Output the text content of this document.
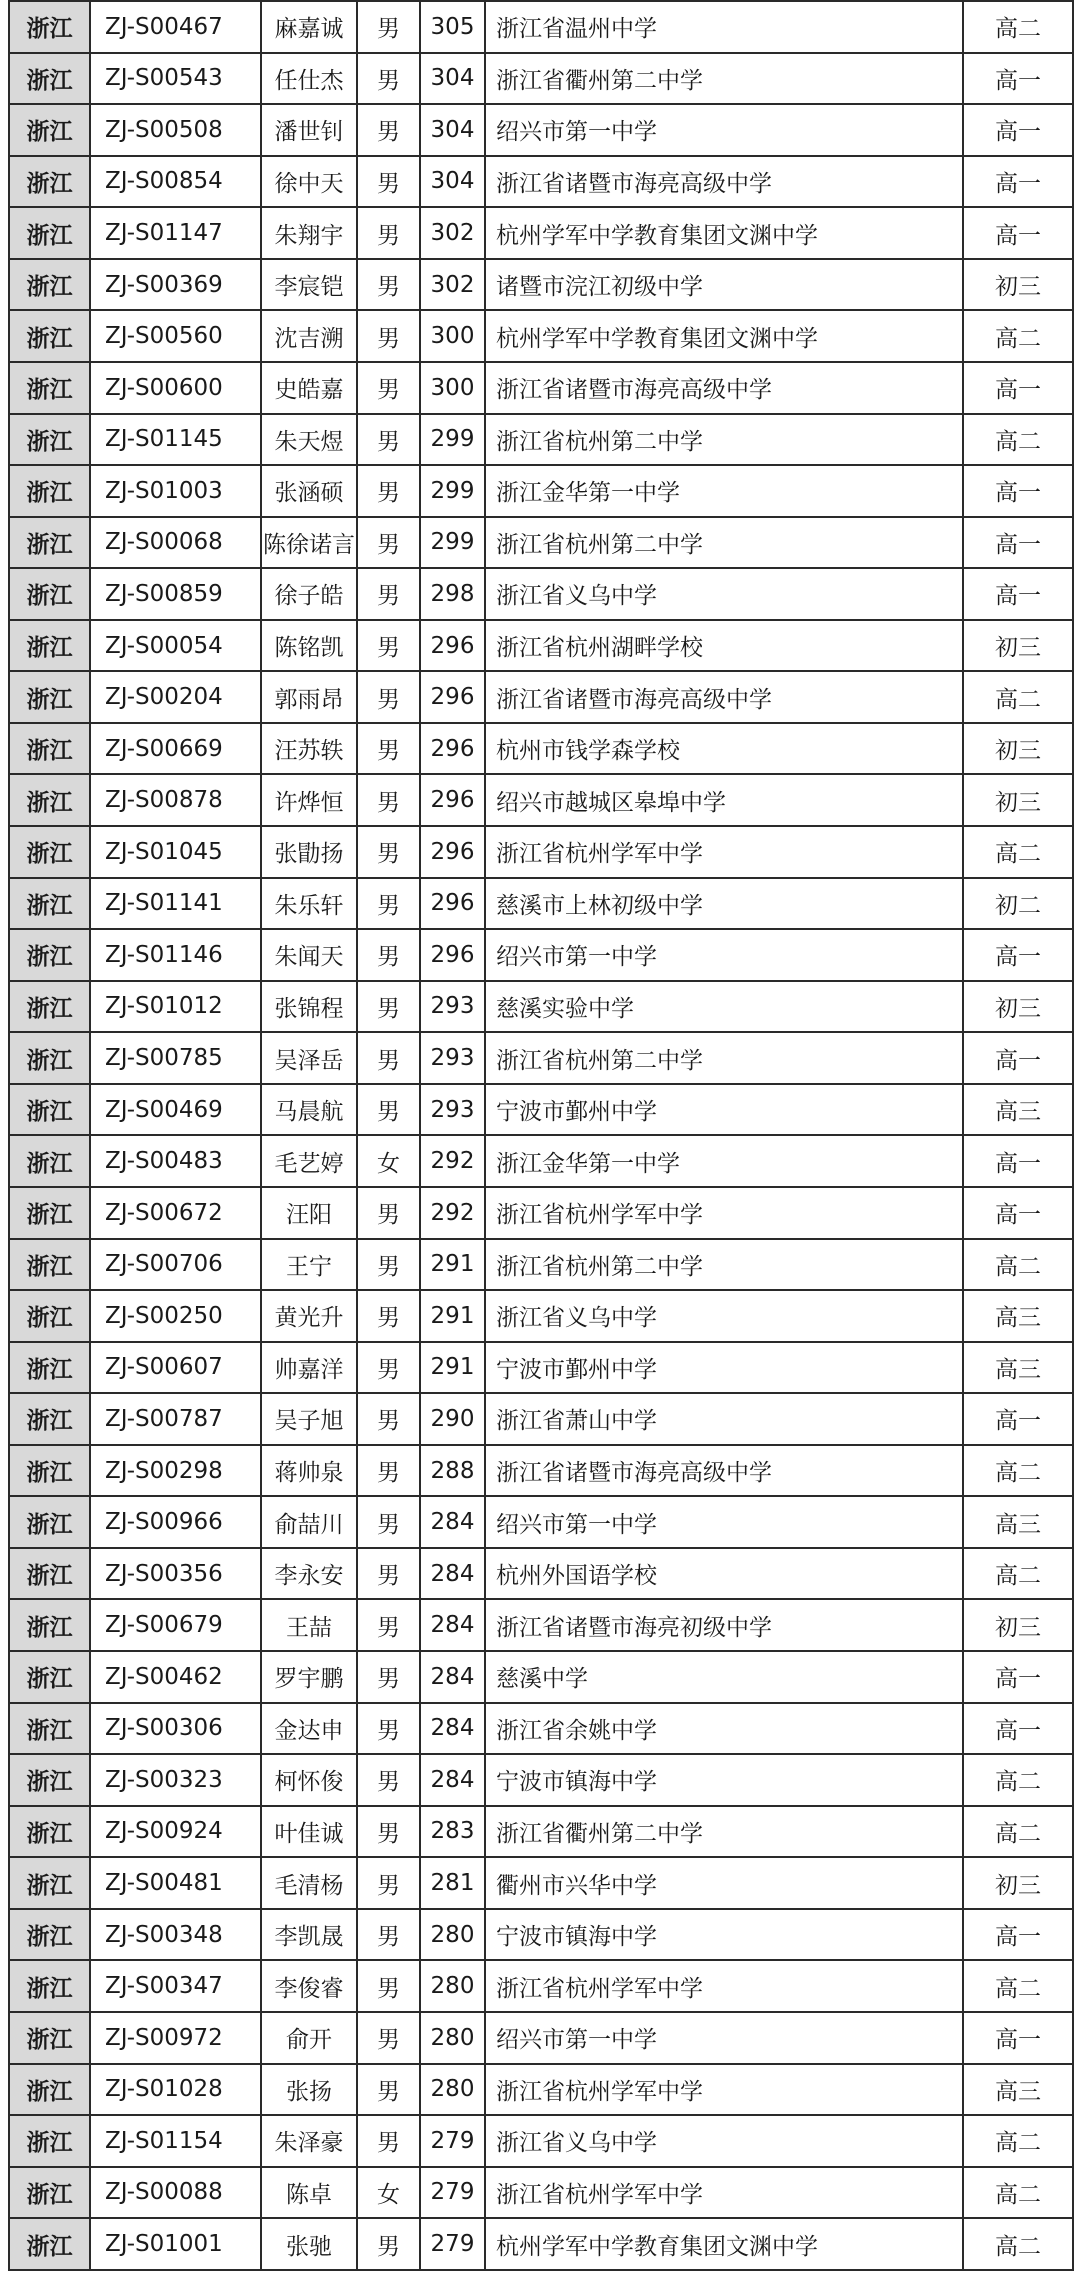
浙江	ZJ-S00467	麻嘉诚	男	305	浙江省温州中学	高二
浙江	ZJ-S00543	任仕杰	男	304	浙江省衢州第二中学	高一
浙江	ZJ-S00508	潘世钊	男	304	绍兴市第一中学	高一
浙江	ZJ-S00854	徐中天	男	304	浙江省诸暨市海亮高级中学	高一
浙江	ZJ-S01147	朱翔宇	男	302	杭州学军中学教育集团文渊中学	高一
浙江	ZJ-S00369	李宸铠	男	302	诸暨市浣江初级中学	初三
浙江	ZJ-S00560	沈吉溯	男	300	杭州学军中学教育集团文渊中学	高二
浙江	ZJ-S00600	史皓嘉	男	300	浙江省诸暨市海亮高级中学	高一
浙江	ZJ-S01145	朱天煜	男	299	浙江省杭州第二中学	高二
浙江	ZJ-S01003	张涵硕	男	299	浙江金华第一中学	高一
浙江	ZJ-S00068	陈徐诺言	男	299	浙江省杭州第二中学	高一
浙江	ZJ-S00859	徐子皓	男	298	浙江省义乌中学	高一
浙江	ZJ-S00054	陈铭凯	男	296	浙江省杭州湖畔学校	初三
浙江	ZJ-S00204	郭雨昂	男	296	浙江省诸暨市海亮高级中学	高二
浙江	ZJ-S00669	汪苏轶	男	296	杭州市钱学森学校	初三
浙江	ZJ-S00878	许烨恒	男	296	绍兴市越城区皋埠中学	初三
浙江	ZJ-S01045	张勖扬	男	296	浙江省杭州学军中学	高二
浙江	ZJ-S01141	朱乐轩	男	296	慈溪市上林初级中学	初二
浙江	ZJ-S01146	朱闻天	男	296	绍兴市第一中学	高一
浙江	ZJ-S01012	张锦程	男	293	慈溪实验中学	初三
浙江	ZJ-S00785	吴泽岳	男	293	浙江省杭州第二中学	高一
浙江	ZJ-S00469	马晨航	男	293	宁波市鄞州中学	高三
浙江	ZJ-S00483	毛艺婷	女	292	浙江金华第一中学	高一
浙江	ZJ-S00672	汪阳	男	292	浙江省杭州学军中学	高一
浙江	ZJ-S00706	王宁	男	291	浙江省杭州第二中学	高二
浙江	ZJ-S00250	黄光升	男	291	浙江省义乌中学	高三
浙江	ZJ-S00607	帅嘉洋	男	291	宁波市鄞州中学	高三
浙江	ZJ-S00787	吴子旭	男	290	浙江省萧山中学	高一
浙江	ZJ-S00298	蒋帅泉	男	288	浙江省诸暨市海亮高级中学	高二
浙江	ZJ-S00966	俞喆川	男	284	绍兴市第一中学	高三
浙江	ZJ-S00356	李永安	男	284	杭州外国语学校	高二
浙江	ZJ-S00679	王喆	男	284	浙江省诸暨市海亮初级中学	初三
浙江	ZJ-S00462	罗宇鹏	男	284	慈溪中学	高一
浙江	ZJ-S00306	金达申	男	284	浙江省余姚中学	高一
浙江	ZJ-S00323	柯怀俊	男	284	宁波市镇海中学	高二
浙江	ZJ-S00924	叶佳诚	男	283	浙江省衢州第二中学	高二
浙江	ZJ-S00481	毛清杨	男	281	衢州市兴华中学	初三
浙江	ZJ-S00348	李凯晟	男	280	宁波市镇海中学	高一
浙江	ZJ-S00347	李俊睿	男	280	浙江省杭州学军中学	高二
浙江	ZJ-S00972	俞开	男	280	绍兴市第一中学	高一
浙江	ZJ-S01028	张扬	男	280	浙江省杭州学军中学	高三
浙江	ZJ-S01154	朱泽豪	男	279	浙江省义乌中学	高二
浙江	ZJ-S00088	陈卓	女	279	浙江省杭州学军中学	高二
浙江	ZJ-S01001	张驰	男	279	杭州学军中学教育集团文渊中学	高二
